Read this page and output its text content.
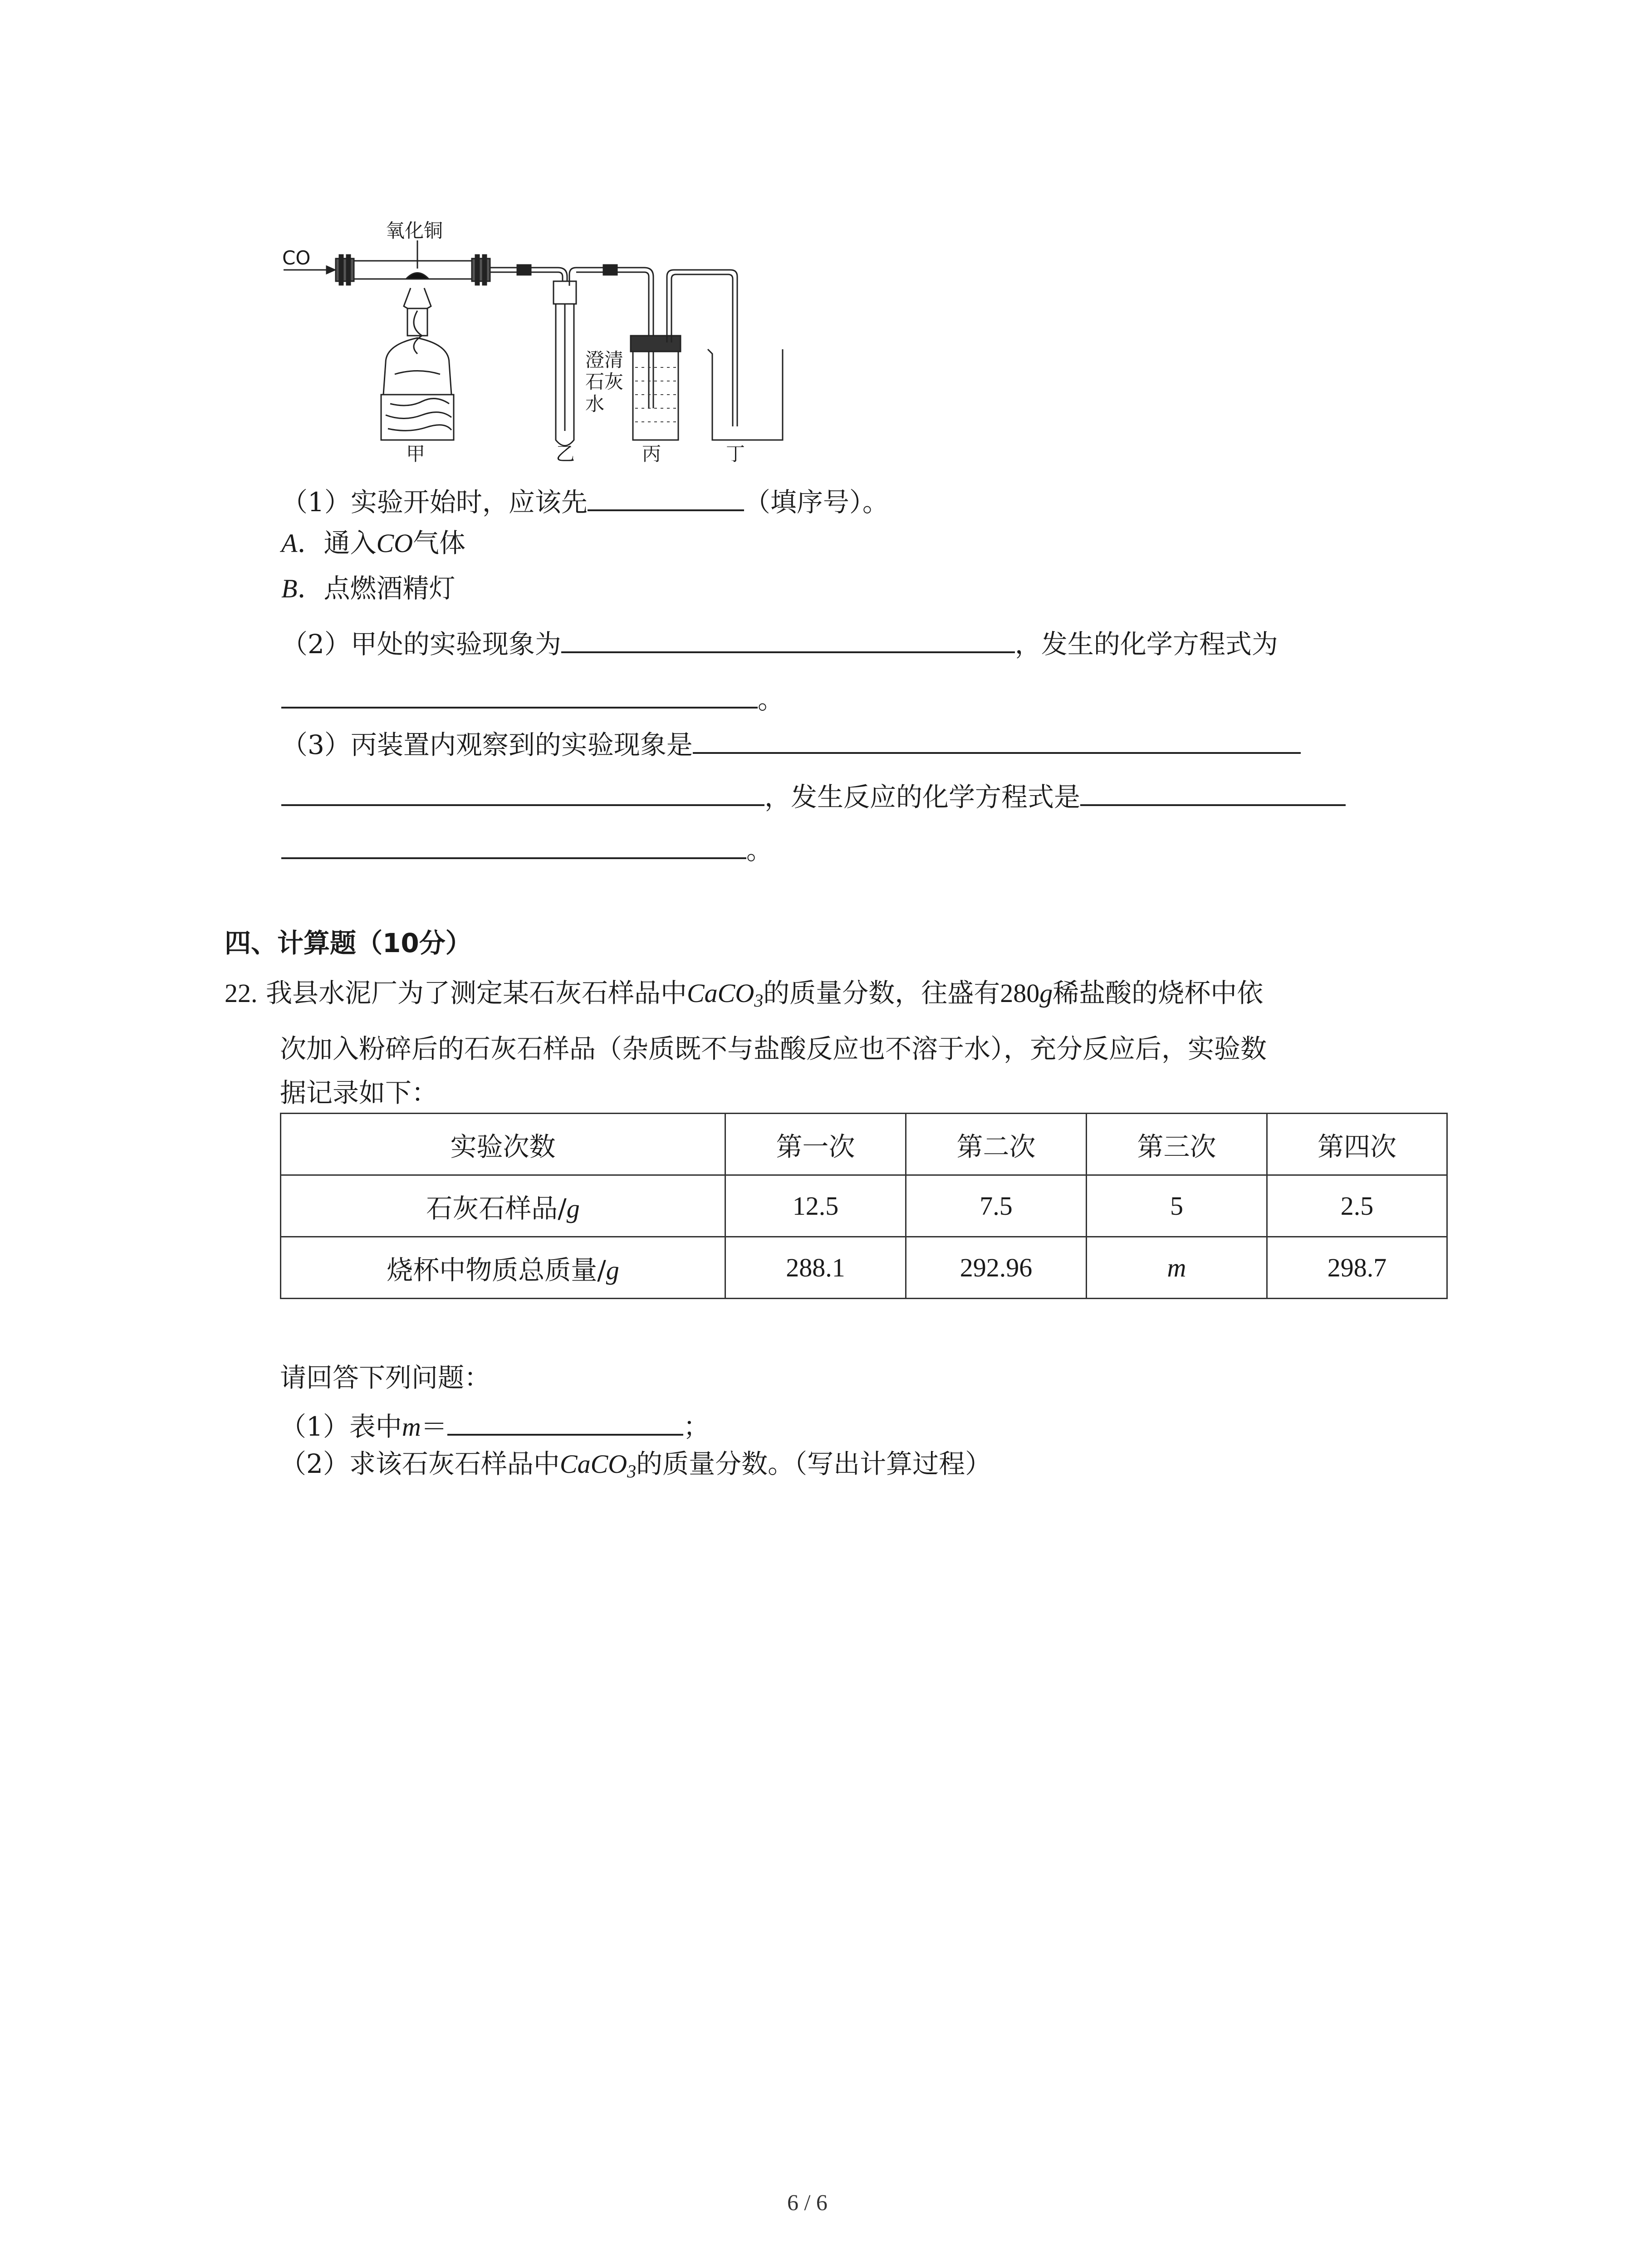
CO
氧化铜
澄清石灰水
甲	乙	丙	丁
（1）实验开始时，应该先	（填序号）。
A．通入CO气体
B．点燃酒精灯
（2）甲处的实验现象为	，发生的化学方程式为
。
（3）丙装置内观察到的实验现象是
，发生反应的化学方程式是
。
四、计算题（10分）
22. 我县水泥厂为了测定某石灰石样品中CaCO$_3$的质量分数，往盛有280g稀盐酸的烧杯中依
次加入粉碎后的石灰石样品（杂质既不与盐酸反应也不溶于水），充分反应后，实验数
据记录如下：
实验次数	第一次	第二次	第三次	第四次
石灰石样品/g	12.5	7.5	5	2.5
烧杯中物质总质量/g	288.1	292.96	m	298.7
请回答下列问题：
（1）表中m＝	；
（2）求该石灰石样品中CaCO$_3$的质量分数。（写出计算过程）
6 / 6
